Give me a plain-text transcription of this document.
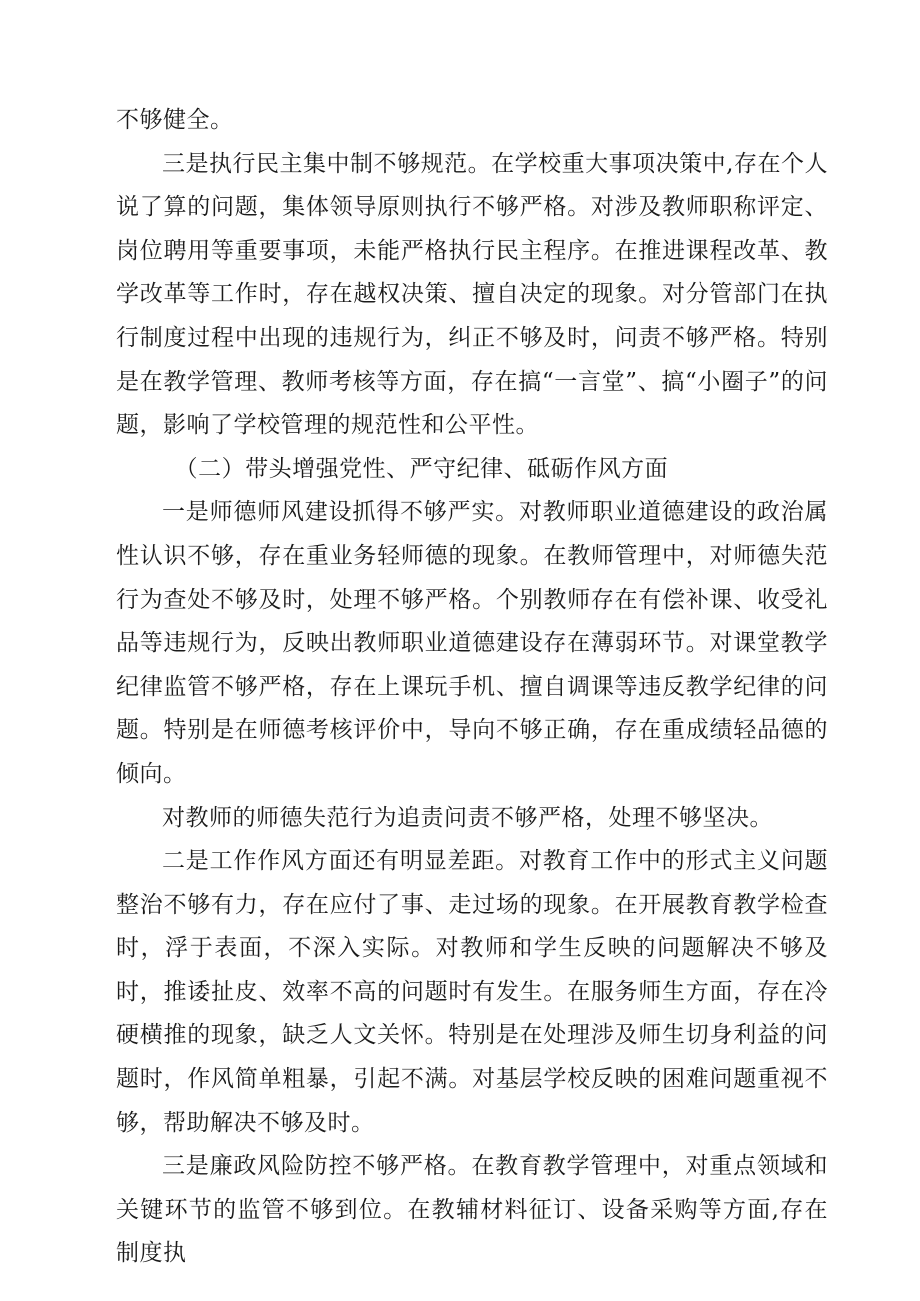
不够健全。

三是执行民主集中制不够规范。在学校重大事项决策中,存在个人说了算的问题，集体领导原则执行不够严格。对涉及教师职称评定、岗位聘用等重要事项，未能严格执行民主程序。在推进课程改革、教学改革等工作时，存在越权决策、擅自决定的现象。对分管部门在执行制度过程中出现的违规行为，纠正不够及时，问责不够严格。特别是在教学管理、教师考核等方面，存在搞“一言堂”、搞“小圈子”的问题，影响了学校管理的规范性和公平性。

（二）带头增强党性、严守纪律、砥砺作风方面

一是师德师风建设抓得不够严实。对教师职业道德建设的政治属性认识不够，存在重业务轻师德的现象。在教师管理中，对师德失范行为查处不够及时，处理不够严格。个别教师存在有偿补课、收受礼品等违规行为，反映出教师职业道德建设存在薄弱环节。对课堂教学纪律监管不够严格，存在上课玩手机、擅自调课等违反教学纪律的问题。特别是在师德考核评价中，导向不够正确，存在重成绩轻品德的倾向。

对教师的师德失范行为追责问责不够严格，处理不够坚决。

二是工作作风方面还有明显差距。对教育工作中的形式主义问题整治不够有力，存在应付了事、走过场的现象。在开展教育教学检查时，浮于表面，不深入实际。对教师和学生反映的问题解决不够及时，推诿扯皮、效率不高的问题时有发生。在服务师生方面，存在冷硬横推的现象，缺乏人文关怀。特别是在处理涉及师生切身利益的问题时，作风简单粗暴，引起不满。对基层学校反映的困难问题重视不够，帮助解决不够及时。

三是廉政风险防控不够严格。在教育教学管理中，对重点领域和关键环节的监管不够到位。在教辅材料征订、设备采购等方面,存在制度执
